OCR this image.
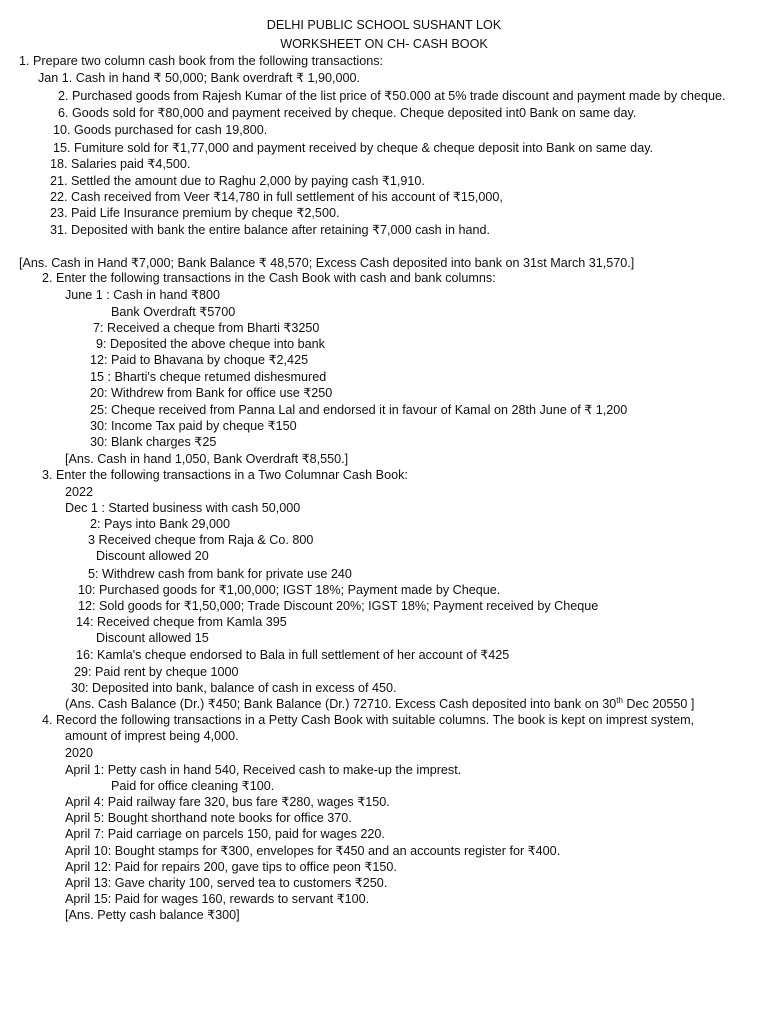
DELHI PUBLIC SCHOOL SUSHANT LOK
WORKSHEET ON CH- CASH BOOK
1. Prepare two column cash book from the following transactions:
Jan 1. Cash in hand ₹ 50,000; Bank overdraft ₹ 1,90,000.
2. Purchased goods from Rajesh Kumar of the list price of ₹50.000 at 5% trade discount and payment made by cheque.
6. Goods sold for ₹80,000 and payment received by cheque. Cheque deposited int0 Bank on same day.
10. Goods purchased for cash 19,800.
15. Fumiture sold for ₹1,77,000 and payment received by cheque & cheque deposit into Bank on same day.
18. Salaries paid ₹4,500.
21. Settled the amount due to Raghu 2,000 by paying cash ₹1,910.
22. Cash received from Veer ₹14,780 in full settlement of his account of ₹15,000,
23. Paid Life Insurance premium by cheque ₹2,500.
31. Deposited with bank the entire balance after retaining ₹7,000 cash in hand.
[Ans. Cash in Hand ₹7,000; Bank Balance ₹ 48,570; Excess Cash deposited into bank on 31st March 31,570.]
2. Enter the following transactions in the Cash Book with cash and bank columns:
June 1 : Cash in hand ₹800
Bank Overdraft ₹5700
7: Received a cheque from Bharti ₹3250
9: Deposited the above cheque into bank
12: Paid to Bhavana by choque ₹2,425
15 : Bharti's cheque retumed dishesmured
20: Withdrew from Bank for office use ₹250
25: Cheque received from Panna Lal and endorsed it in favour of Kamal on 28th June of ₹ 1,200
30: Income Tax paid by cheque ₹150
30: Blank charges ₹25
[Ans. Cash in hand 1,050, Bank Overdraft ₹8,550.]
3. Enter the following transactions in a Two Columnar Cash Book:
2022
Dec 1 : Started business with cash 50,000
2: Pays into Bank 29,000
3 Received cheque from Raja & Co. 800
Discount allowed 20
5: Withdrew cash from bank for private use 240
10: Purchased goods for ₹1,00,000; IGST 18%; Payment made by Cheque.
12: Sold goods for ₹1,50,000; Trade Discount 20%; IGST 18%; Payment received by Cheque
14: Received cheque from Kamla 395
Discount allowed 15
16: Kamla's cheque endorsed to Bala in full settlement of her account of ₹425
29: Paid rent by cheque 1000
30: Deposited into bank, balance of cash in excess of 450.
(Ans. Cash Balance (Dr.) ₹450; Bank Balance (Dr.) 72710. Excess Cash deposited into bank on 30th Dec 20550 ]
4. Record the following transactions in a Petty Cash Book with suitable columns. The book is kept on imprest system,
amount of imprest being 4,000.
2020
April 1: Petty cash in hand 540, Received cash to make-up the imprest.
Paid for office cleaning ₹100.
April 4: Paid railway fare 320, bus fare ₹280, wages ₹150.
April 5: Bought shorthand note books for office 370.
April 7: Paid carriage on parcels 150, paid for wages 220.
April 10: Bought stamps for ₹300, envelopes for ₹450 and an accounts register for ₹400.
April 12: Paid for repairs 200, gave tips to office peon ₹150.
April 13: Gave charity 100, served tea to customers ₹250.
April 15: Paid for wages 160, rewards to servant ₹100.
[Ans. Petty cash balance ₹300]
